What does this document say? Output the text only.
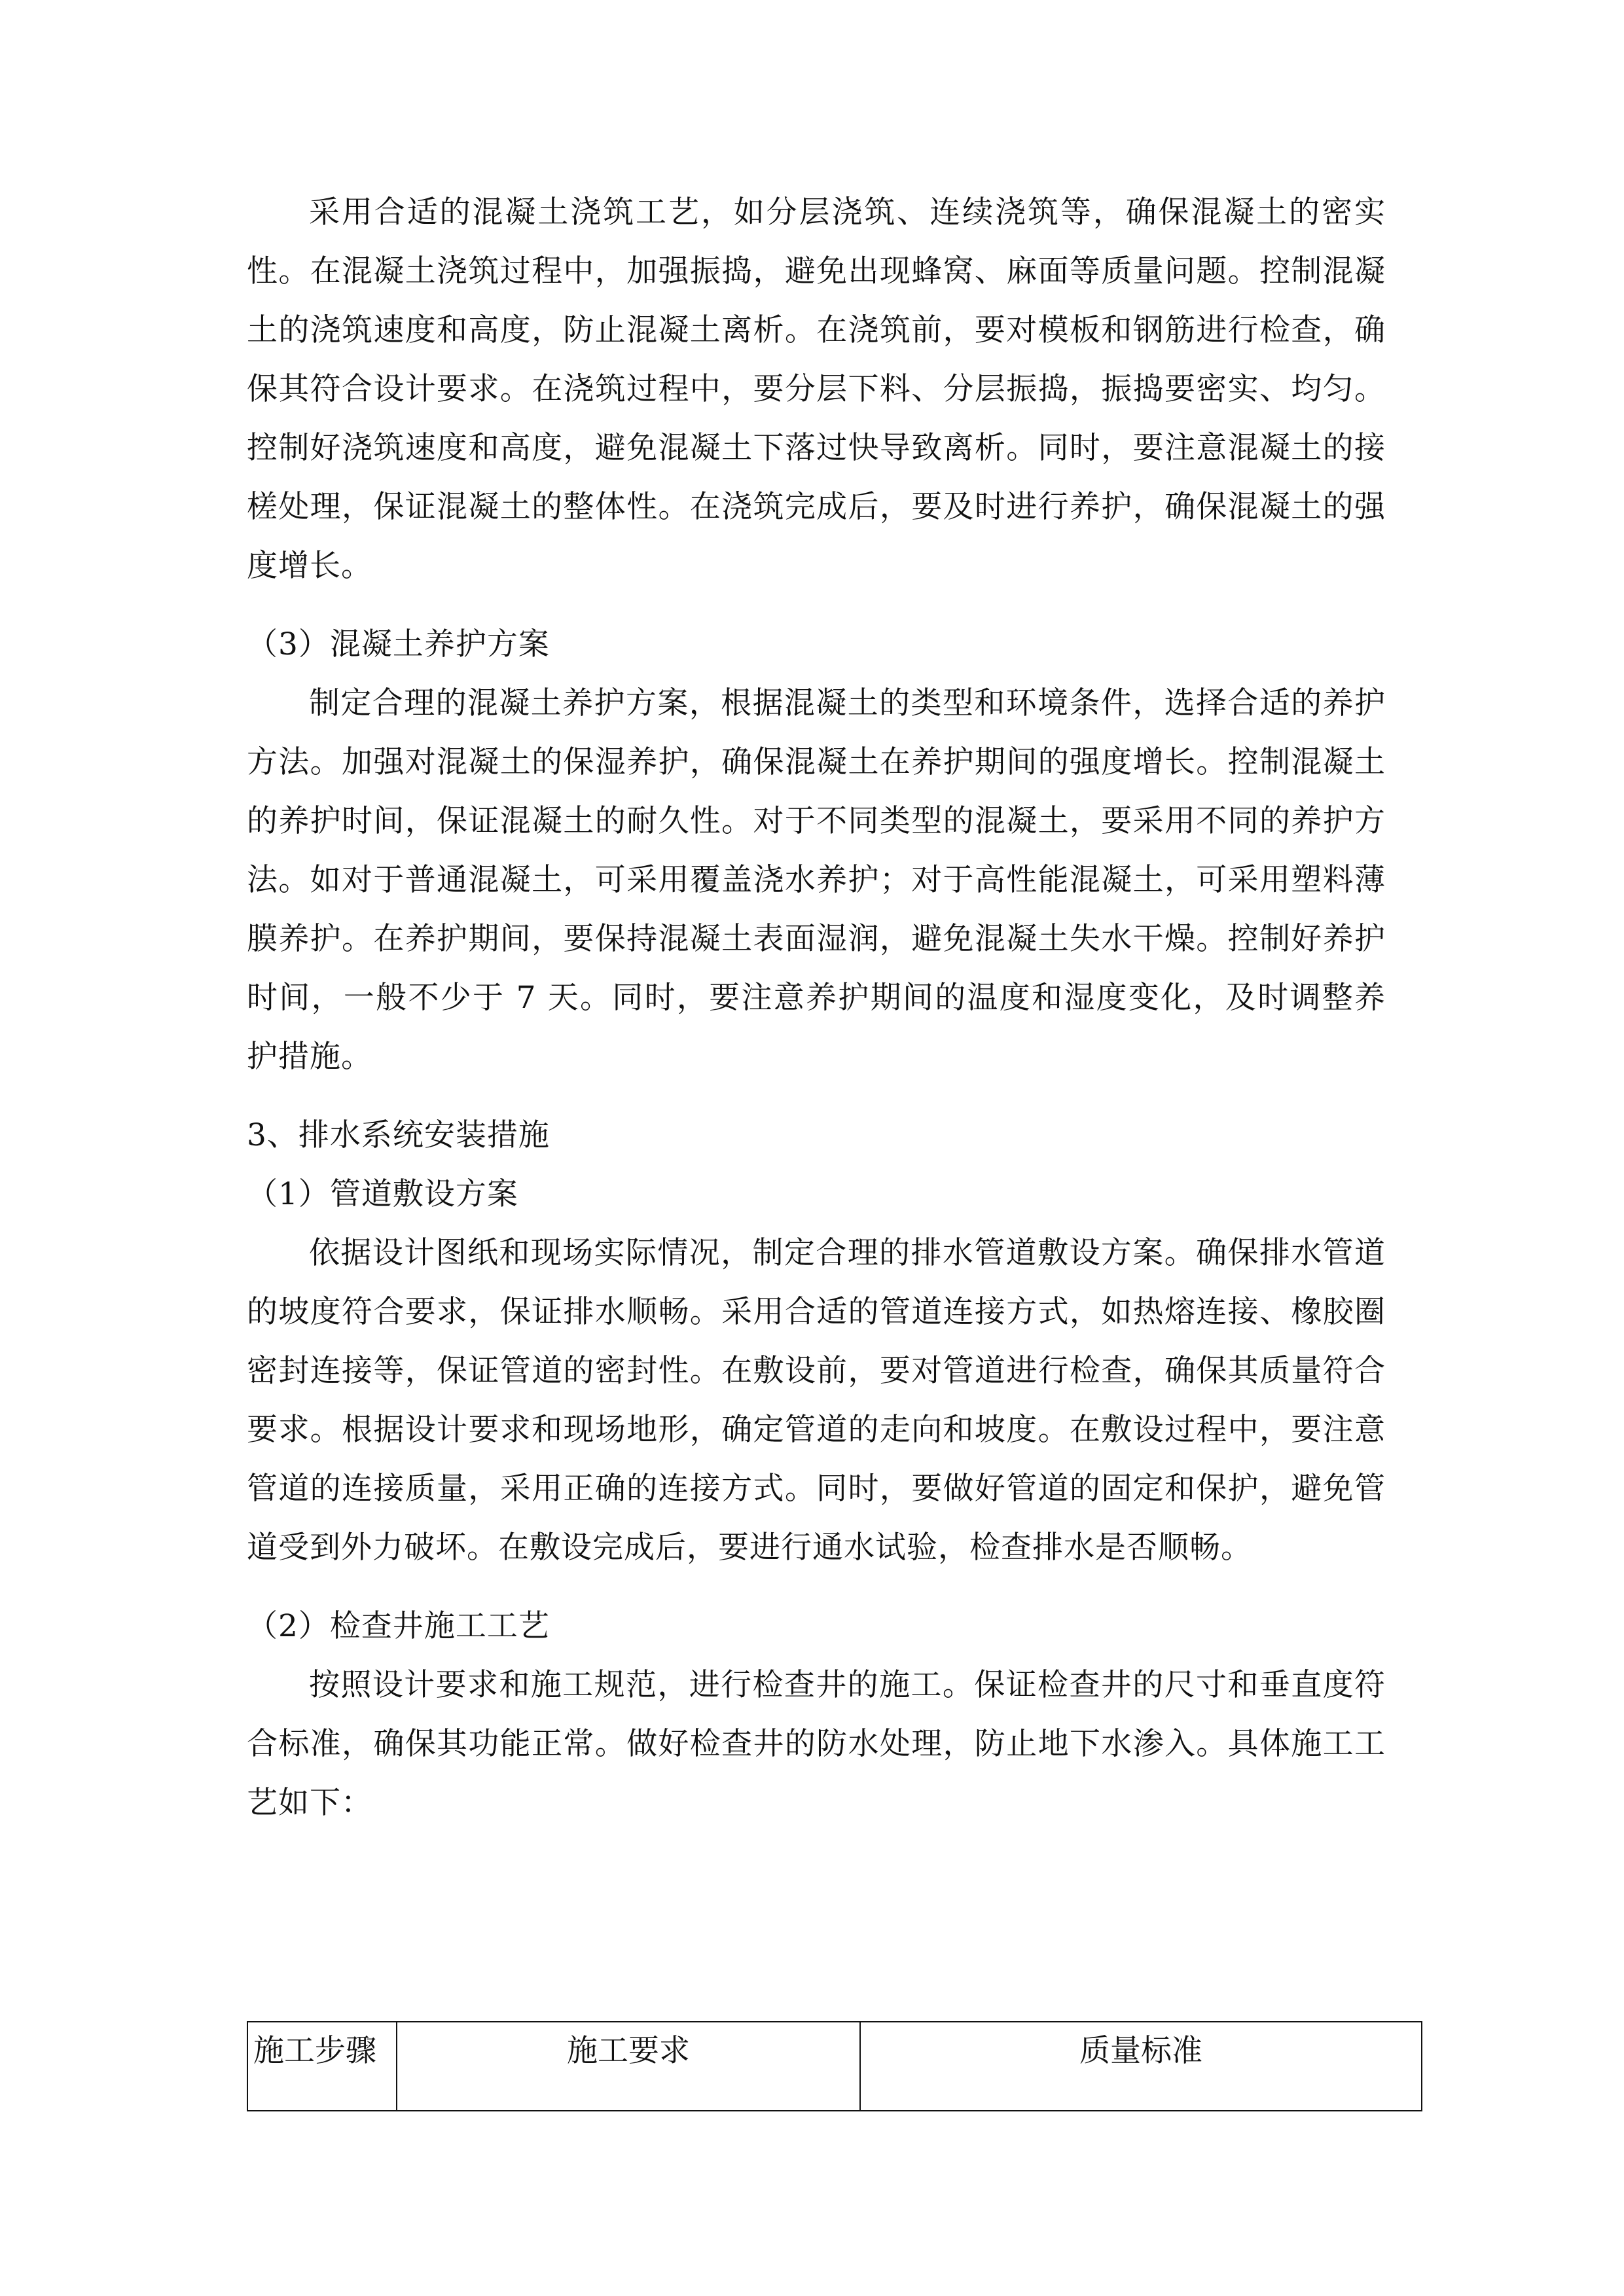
采用合适的混凝土浇筑工艺，如分层浇筑、连续浇筑等，确保混凝土的密实性。在混凝土浇筑过程中，加强振捣，避免出现蜂窝、麻面等质量问题。控制混凝土的浇筑速度和高度，防止混凝土离析。在浇筑前，要对模板和钢筋进行检查，确保其符合设计要求。在浇筑过程中，要分层下料、分层振捣，振捣要密实、均匀。控制好浇筑速度和高度，避免混凝土下落过快导致离析。同时，要注意混凝土的接槎处理，保证混凝土的整体性。在浇筑完成后，要及时进行养护，确保混凝土的强度增长。

（3）混凝土养护方案

制定合理的混凝土养护方案，根据混凝土的类型和环境条件，选择合适的养护方法。加强对混凝土的保湿养护，确保混凝土在养护期间的强度增长。控制混凝土的养护时间，保证混凝土的耐久性。对于不同类型的混凝土，要采用不同的养护方法。如对于普通混凝土，可采用覆盖浇水养护；对于高性能混凝土，可采用塑料薄膜养护。在养护期间，要保持混凝土表面湿润，避免混凝土失水干燥。控制好养护时间，一般不少于 7 天。同时，要注意养护期间的温度和湿度变化，及时调整养护措施。

3、排水系统安装措施

（1）管道敷设方案

依据设计图纸和现场实际情况，制定合理的排水管道敷设方案。确保排水管道的坡度符合要求，保证排水顺畅。采用合适的管道连接方式，如热熔连接、橡胶圈密封连接等，保证管道的密封性。在敷设前，要对管道进行检查，确保其质量符合要求。根据设计要求和现场地形，确定管道的走向和坡度。在敷设过程中，要注意管道的连接质量，采用正确的连接方式。同时，要做好管道的固定和保护，避免管道受到外力破坏。在敷设完成后，要进行通水试验，检查排水是否顺畅。

（2）检查井施工工艺

按照设计要求和施工规范，进行检查井的施工。保证检查井的尺寸和垂直度符合标准，确保其功能正常。做好检查井的防水处理，防止地下水渗入。具体施工工艺如下：

施工步骤	施工要求	质量标准
